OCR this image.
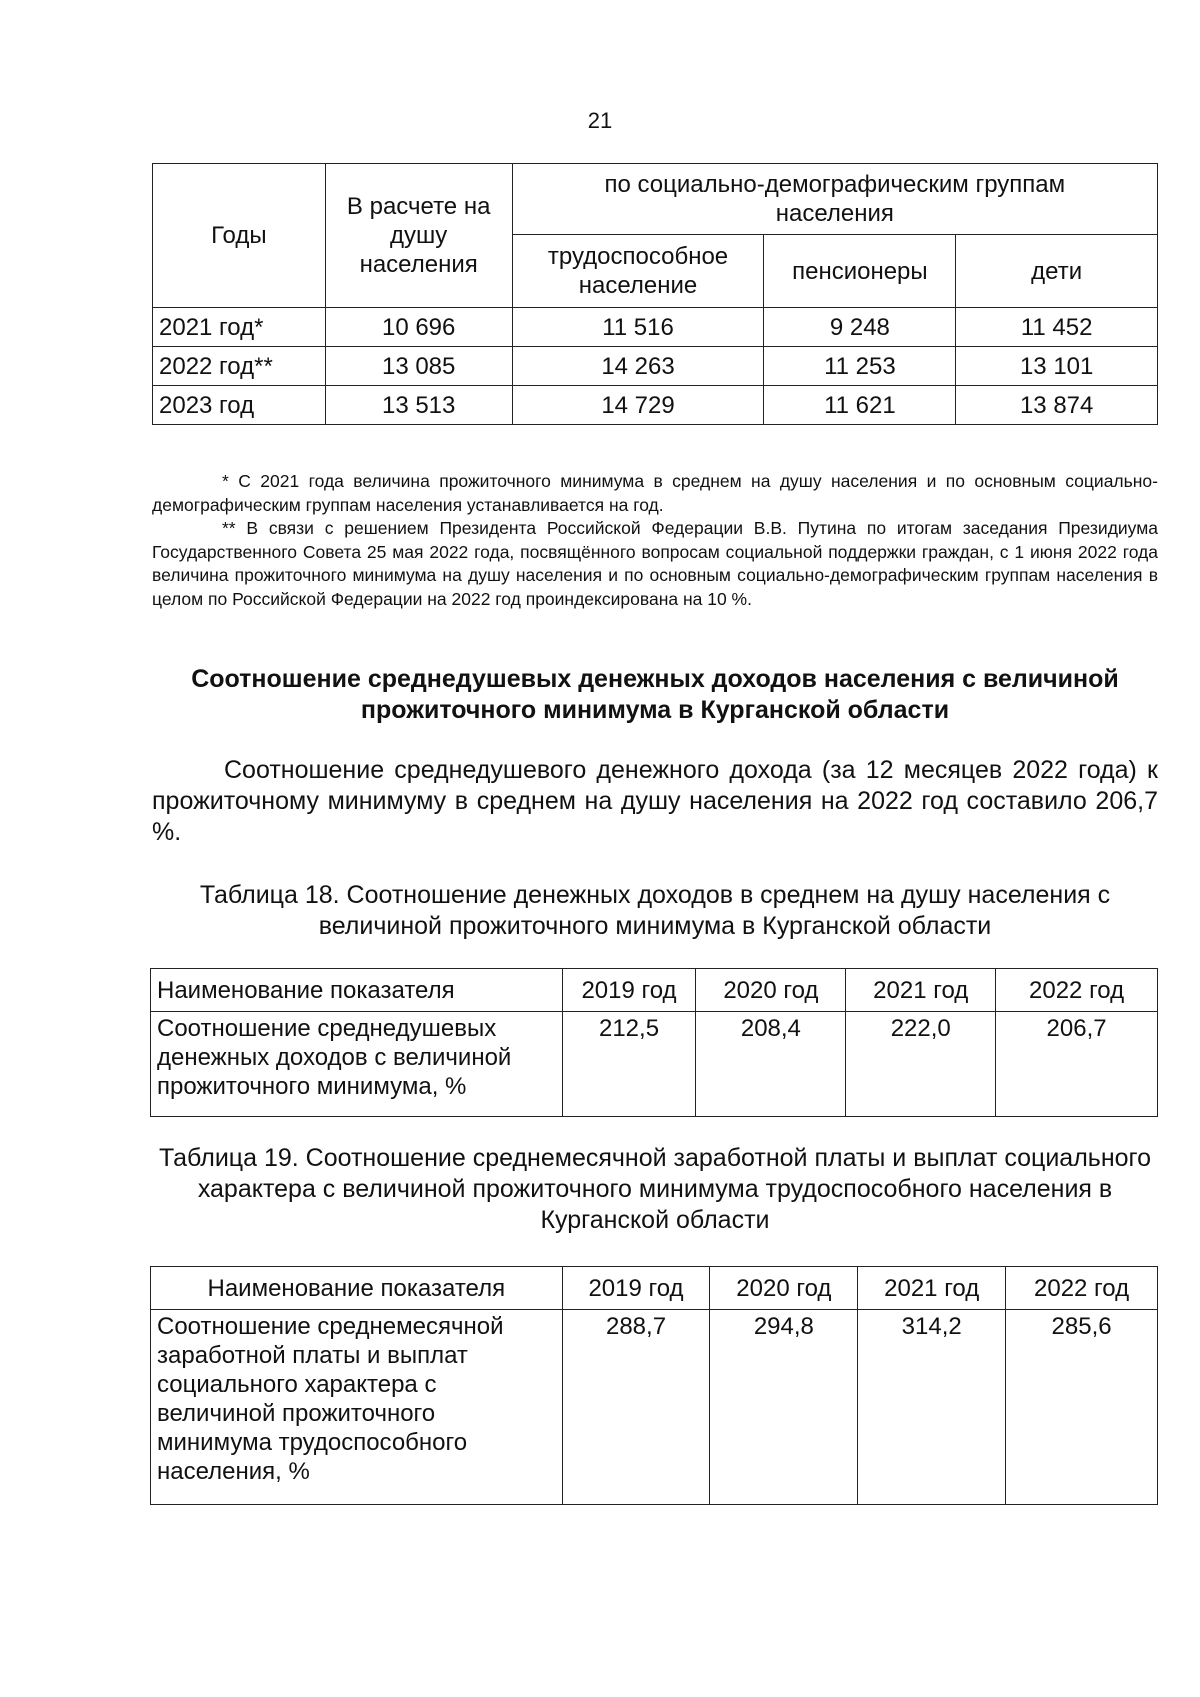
21
Годы	В расчете на душу населения	по социально-демографическим группам населения		
		трудоспособное население	пенсионеры	дети
2021 год*	10 696	11 516	9 248	11 452
2022 год**	13 085	14 263	11 253	13 101
2023 год	13 513	14 729	11 621	13 874

* С 2021 года величина прожиточного минимума в среднем на душу населения и по основным социально-демографическим группам населения устанавливается на год.

** В связи с решением Президента Российской Федерации В.В. Путина по итогам заседания Президиума Государственного Совета 25 мая 2022 года, посвящённого вопросам социальной поддержки граждан, с 1 июня 2022 года величина прожиточного минимума на душу населения и по основным социально-демографическим группам населения в целом по Российской Федерации на 2022 год проиндексирована на 10 %.

Соотношение среднедушевых денежных доходов населения с величиной прожиточного минимума в Курганской области

Соотношение среднедушевого денежного дохода (за 12 месяцев 2022 года) к прожиточному минимуму в среднем на душу населения на 2022 год составило 206,7 %.

Таблица 18. Соотношение денежных доходов в среднем на душу населения с величиной прожиточного минимума в Курганской области

Наименование показателя	2019 год	2020 год	2021 год	2022 год
Соотношение среднедушевых денежных доходов с величиной прожиточного минимума, %	212,5	208,4	222,0	206,7

Таблица 19. Соотношение среднемесячной заработной платы и выплат социального характера с величиной прожиточного минимума трудоспособного населения в Курганской области

Наименование показателя	2019 год	2020 год	2021 год	2022 год
Соотношение среднемесячной заработной платы и выплат социального характера с величиной прожиточного минимума трудоспособного населения, %	288,7	294,8	314,2	285,6
